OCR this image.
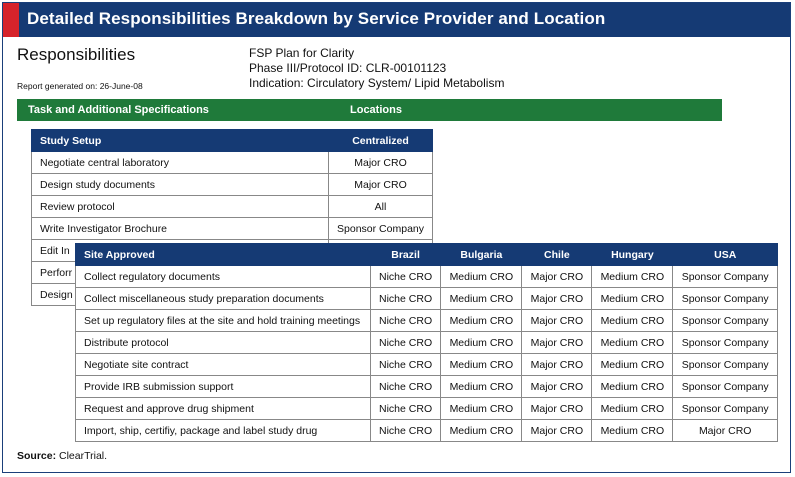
Detailed Responsibilities Breakdown by Service Provider and Location
Responsibilities
Report generated on: 26-June-08
FSP Plan for Clarity
Phase III/Protocol ID: CLR-00101123
Indication: Circulatory System/ Lipid Metabolism
Task and Additional Specifications	Locations
Study Setup	Centralized
Negotiate central laboratory	Major CRO
Design study documents	Major CRO
Review protocol	All
Write Investigator Brochure	Sponsor Company
Edit In	
Perforr	
Design	
Site Approved	Brazil	Bulgaria	Chile	Hungary	USA
Collect regulatory documents	Niche CRO	Medium CRO	Major CRO	Medium CRO	Sponsor Company
Collect miscellaneous study preparation documents	Niche CRO	Medium CRO	Major CRO	Medium CRO	Sponsor Company
Set up regulatory files at the site and hold training meetings	Niche CRO	Medium CRO	Major CRO	Medium CRO	Sponsor Company
Distribute protocol	Niche CRO	Medium CRO	Major CRO	Medium CRO	Sponsor Company
Negotiate site contract	Niche CRO	Medium CRO	Major CRO	Medium CRO	Sponsor Company
Provide IRB submission support	Niche CRO	Medium CRO	Major CRO	Medium CRO	Sponsor Company
Request and approve drug shipment	Niche CRO	Medium CRO	Major CRO	Medium CRO	Sponsor Company
Import, ship, certifiy, package and label study drug	Niche CRO	Medium CRO	Major CRO	Medium CRO	Major CRO
Source: ClearTrial.
